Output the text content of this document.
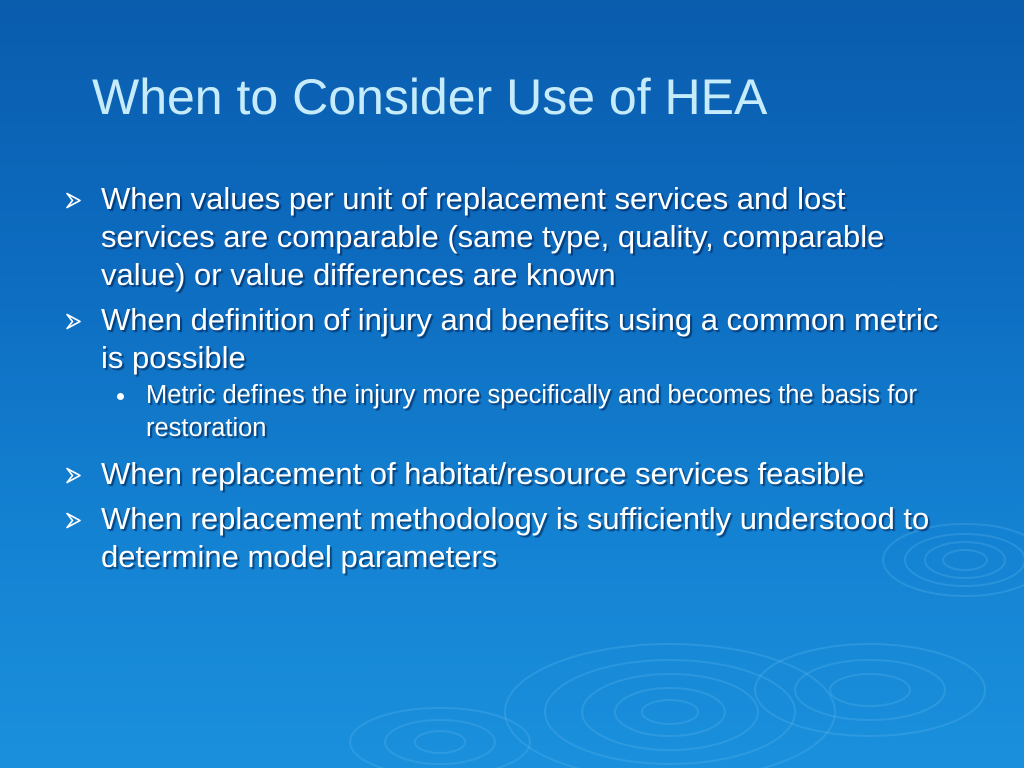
When to Consider Use of HEA
When values per unit of replacement services and lost services are comparable (same type, quality, comparable value) or value differences are known
When definition of injury and benefits using a common metric is possible
Metric defines the injury more specifically and becomes the basis for restoration
When replacement of habitat/resource services feasible
When replacement methodology is sufficiently understood to determine model parameters
